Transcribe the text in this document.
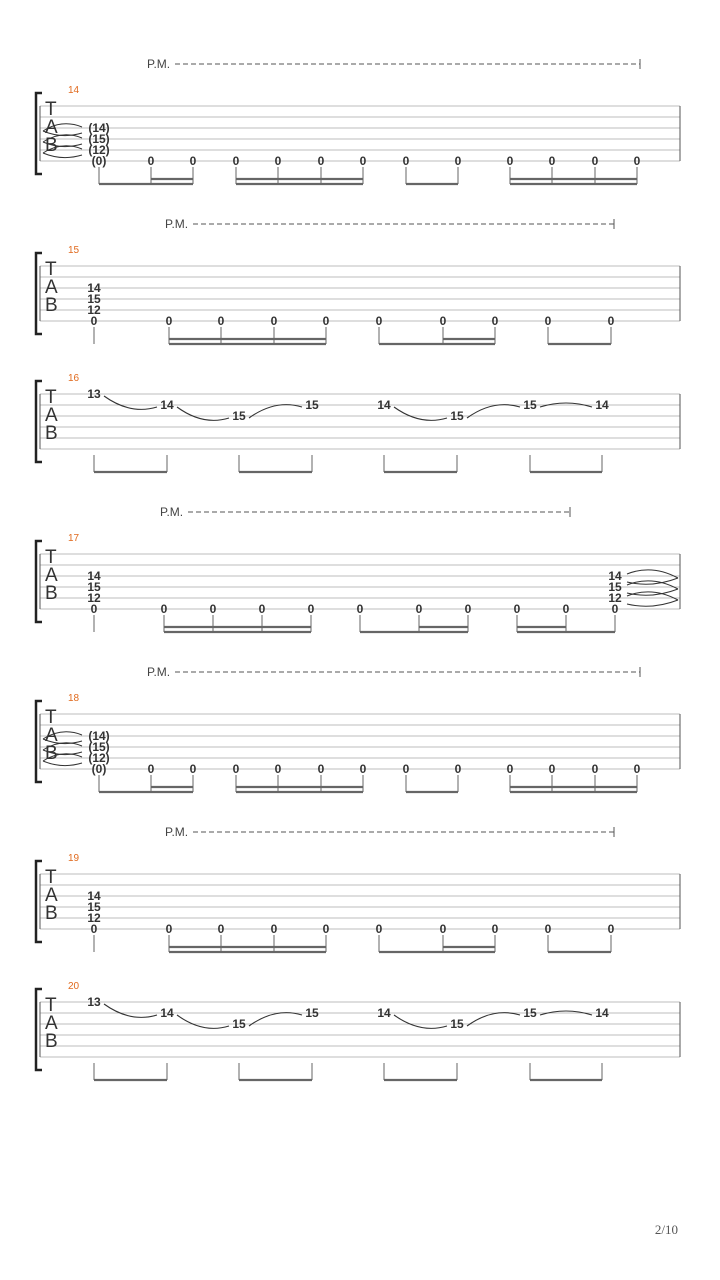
P.M.
14
T
A
B
(14)
(15)
(12)
(0)	0	0	0	0	0	0	0	0	0	0	0	0
P.M.
15
T
A
B
14
15
12
0	0	0	0	0	0	0	0	0	0
16
T
A
B
13
14
15
15	14
15
15	14
P.M.
17
T
A
B
14
15
12
0	0	0	0	0	0	0	0	0	0
14
15
12
0
P.M.
18
T
A
B
(14)
(15)
(12)
(0)	0	0	0	0	0	0	0	0	0	0	0	0
P.M.
19
T
A
B
14
15
12
0	0	0	0	0	0	0	0	0	0
20
T
A
B
13
14
15
15	14
15
15	14
2/10
